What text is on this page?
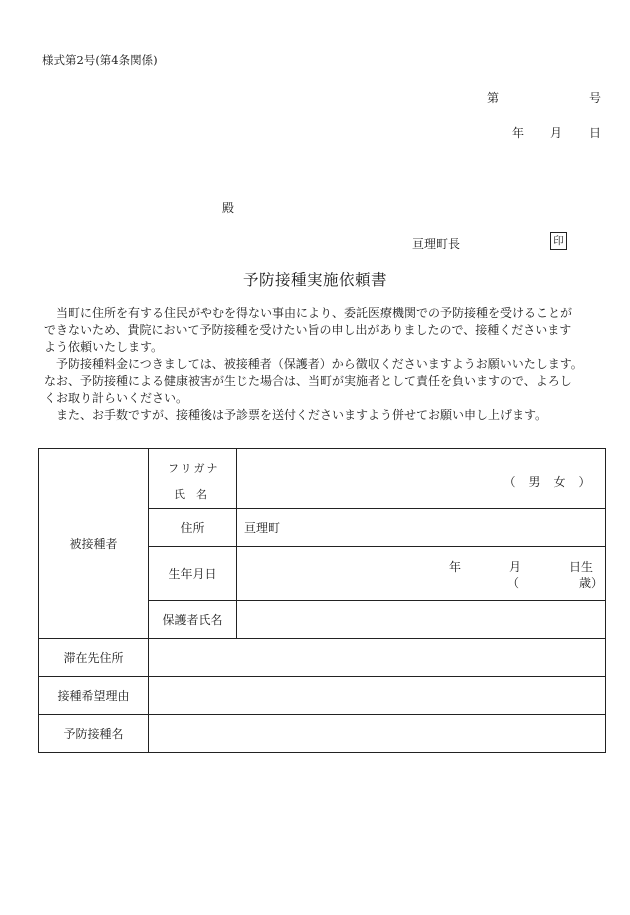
様式第2号(第4条関係)
第	号
年 月 日
殿
亘理町長	印
予防接種実施依頼書
　当町に住所を有する住民がやむを得ない事由により、委託医療機関での予防接種を受けることが
できないため、貴院において予防接種を受けたい旨の申し出がありましたので、接種くださいます
よう依頼いたします。
　予防接種料金につきましては、被接種者（保護者）から徴収くださいますようお願いいたします。
なお、予防接種による健康被害が生じた場合は、当町が実施者として責任を負いますので、よろし
くお取り計らいください。
　また、お手数ですが、接種後は予診票を送付くださいますよう併せてお願い申し上げます。
被接種者	フリガナ
氏　名	（　男　女　）

	住所	亘理町
	生年月日	年　　　　月　　　　日生
（　　　　　歳）

	保護者氏名	
滞在先住所		
接種希望理由		
予防接種名		
